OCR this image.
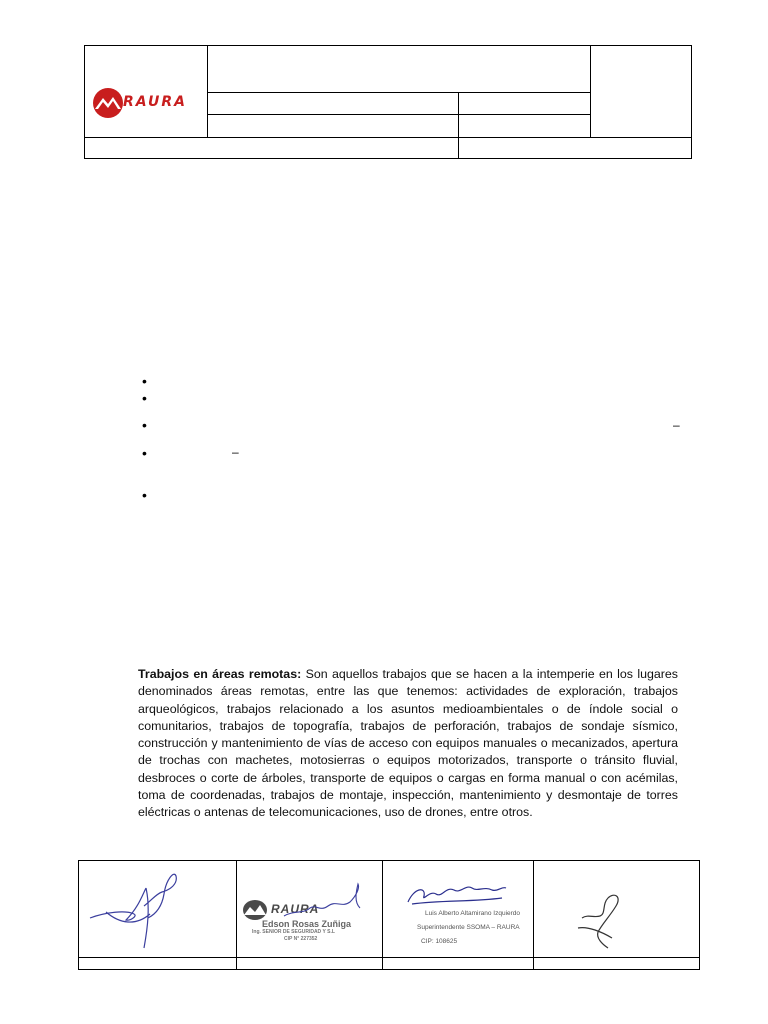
RAURA
•
•
•
•
•
–
–
Trabajos en áreas remotas: Son aquellos trabajos que se hacen a la intemperie en los lugares denominados áreas remotas, entre las que tenemos: actividades de exploración, trabajos arqueológicos, trabajos relacionado a los asuntos medioambientales o de índole social o comunitarios, trabajos de topografía, trabajos de perforación, trabajos de sondaje sísmico, construcción y mantenimiento de vías de acceso con equipos manuales o mecanizados, apertura de trochas con machetes, motosierras o equipos motorizados, transporte o tránsito fluvial, desbroces o corte de árboles, transporte de equipos o cargas en forma manual o con acémilas, toma de coordenadas, trabajos de montaje, inspección, mantenimiento y desmontaje de torres eléctricas o antenas de telecomunicaciones, uso de drones, entre otros.
RAURA
Edson Rosas Zuñiga
Ing. SENIOR DE SEGURIDAD Y S.L
CIP N° 227352
Luis Alberto Altamirano Izquierdo
Superintendente SSOMA – RAURA
CIP: 108625
